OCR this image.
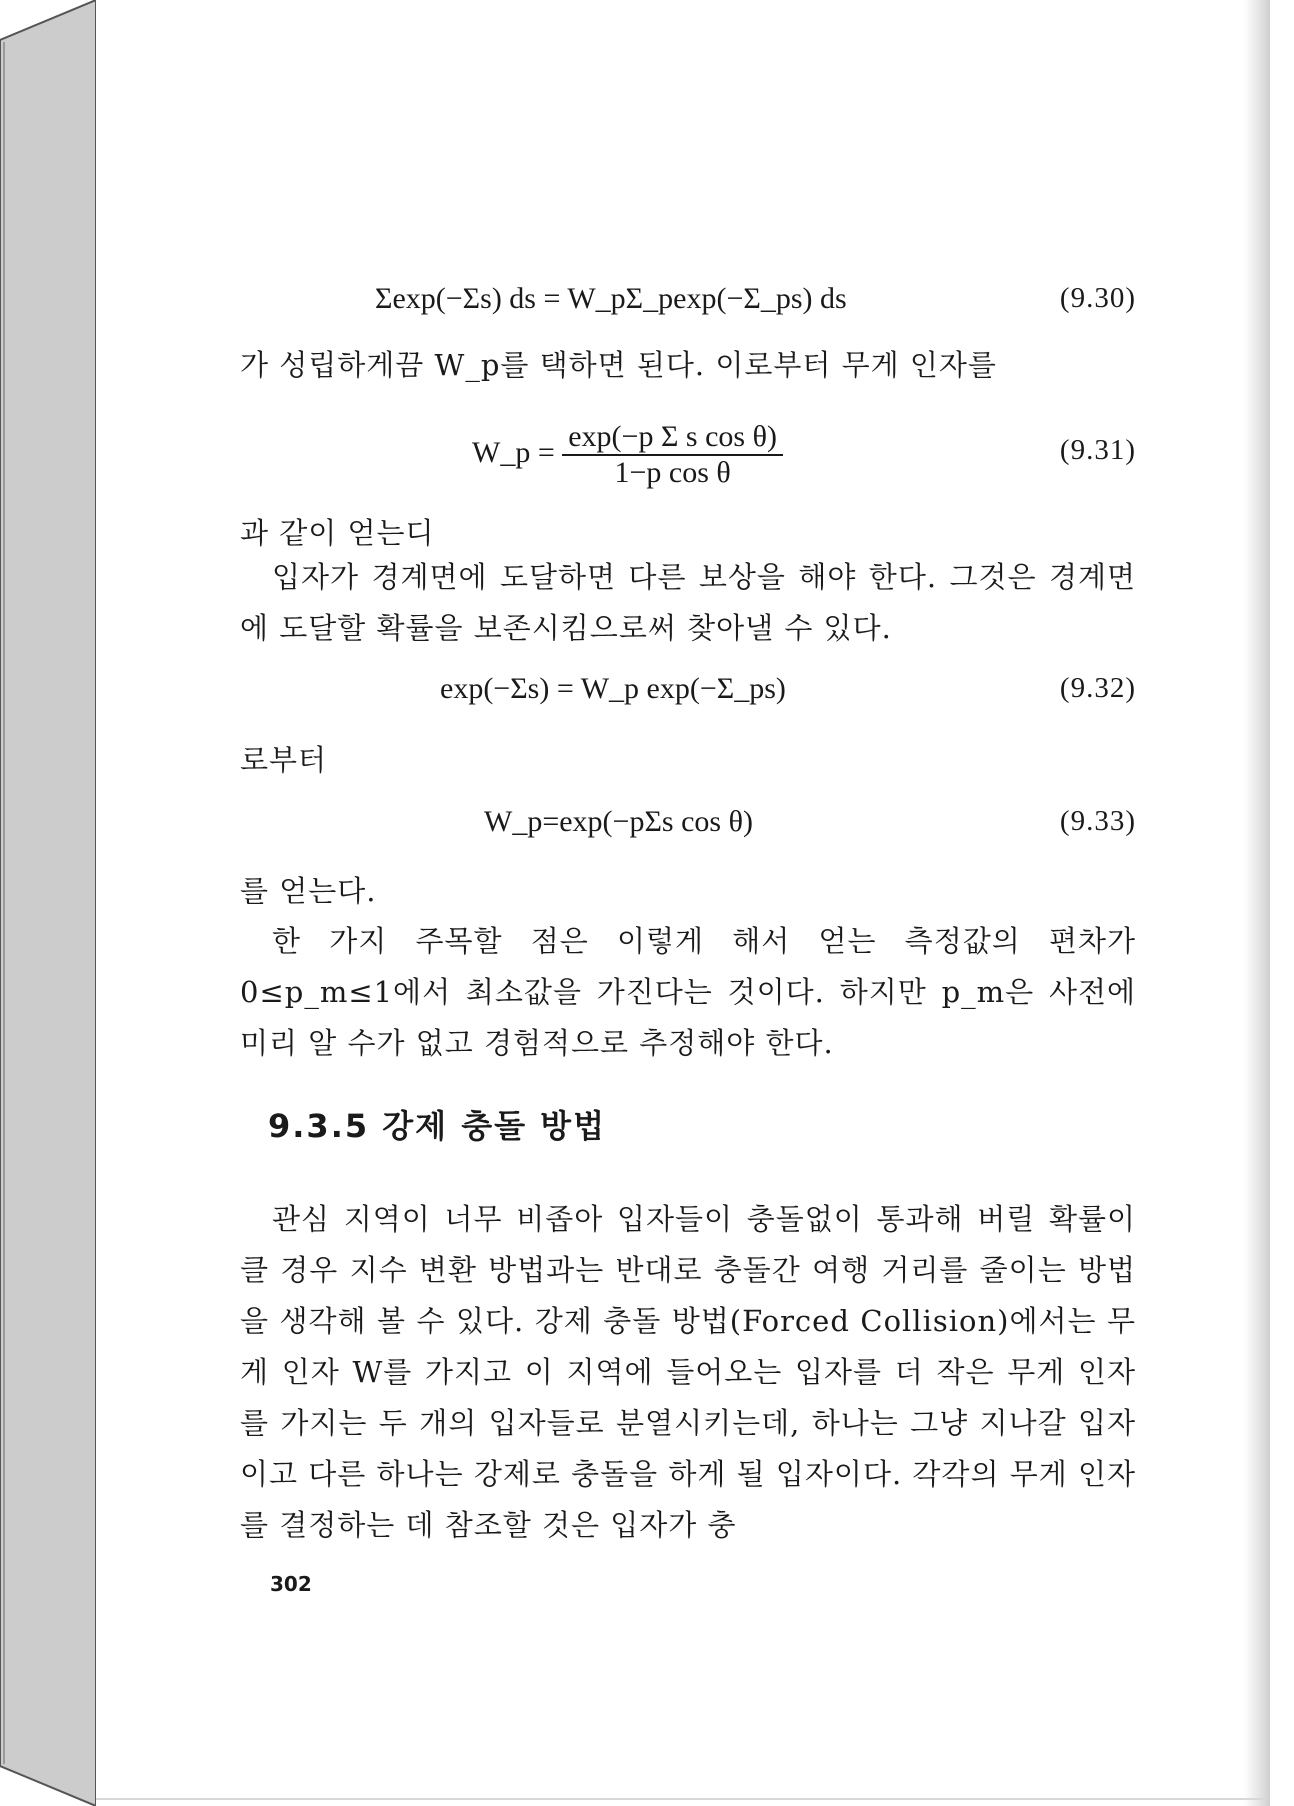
Σexp(−Σs) ds = W_pΣ_pexp(−Σ_ps) ds	(9.30)
가 성립하게끔 W_p를 택하면 된다. 이로부터 무게 인자를
W_p = $\frac{\text{exp(−p Σ s cos θ)}}{\text{1−p cos θ}}$	(9.31)
과 같이 얻는디
입자가 경계면에 도달하면 다른 보상을 해야 한다. 그것은 경계면에 도달할 확률을 보존시킴으로써 찾아낼 수 있다.
exp(−Σs) = W_p exp(−Σ_ps)	(9.32)
로부터
W_p=exp(−pΣs cos θ)	(9.33)
를 얻는다.
한 가지 주목할 점은 이렇게 해서 얻는 측정값의 편차가 0≤p_m≤1에서 최소값을 가진다는 것이다. 하지만 p_m은 사전에 미리 알 수가 없고 경험적으로 추정해야 한다.
9.3.5 강제 충돌 방법
관심 지역이 너무 비좁아 입자들이 충돌없이 통과해 버릴 확률이 클 경우 지수 변환 방법과는 반대로 충돌간 여행 거리를 줄이는 방법을 생각해 볼 수 있다. 강제 충돌 방법(Forced Collision)에서는 무게 인자 W를 가지고 이 지역에 들어오는 입자를 더 작은 무게 인자를 가지는 두 개의 입자들로 분열시키는데, 하나는 그냥 지나갈 입자이고 다른 하나는 강제로 충돌을 하게 될 입자이다. 각각의 무게 인자를 결정하는 데 참조할 것은 입자가 충
302
